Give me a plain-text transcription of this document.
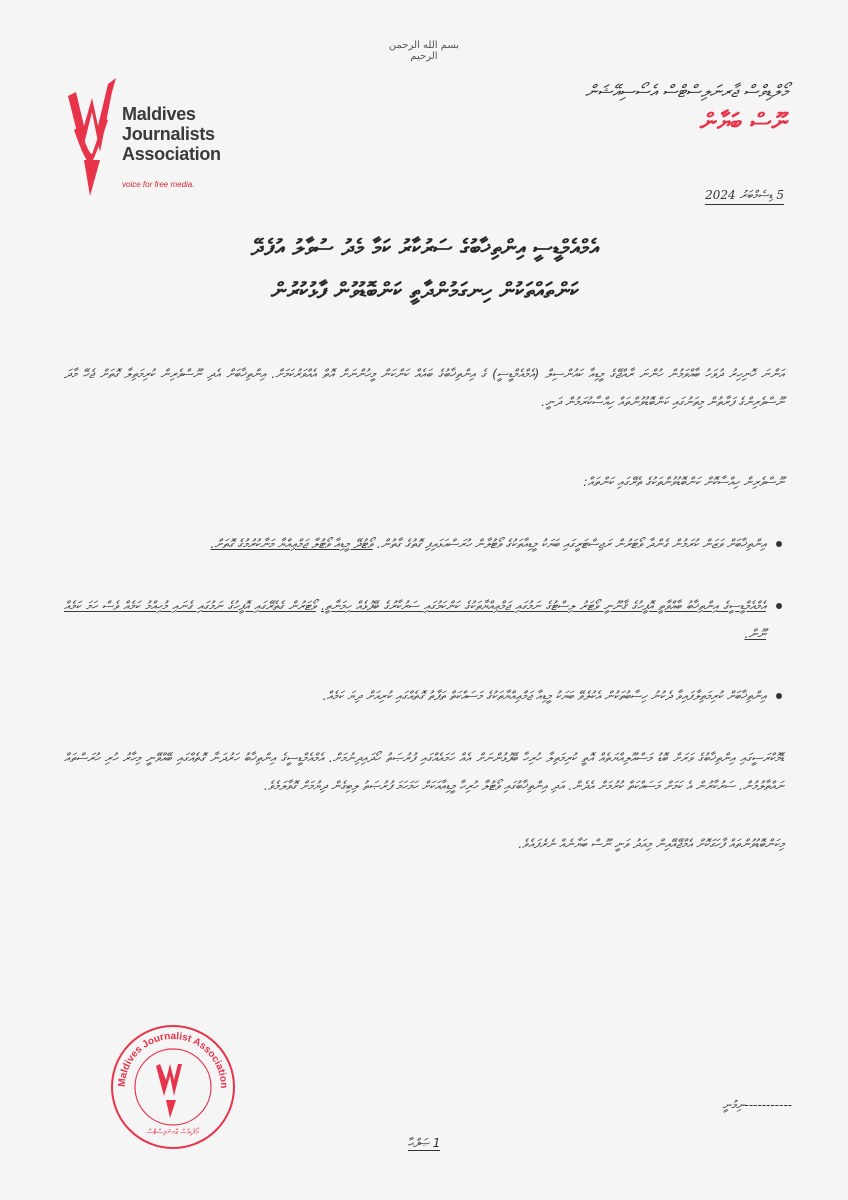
بسم الله الرحمن الرحيم
Maldives
Journalists
Association
voice for free media.
މޯލްޑިވްސް ޖާރނަލިސްޓްސް އެސޯސިއޭޝަން
ނޫސް ބަޔާން
5 ޑިސެމްބަރު 2024
އެމްއެމްޑީސީ އިންތިޚާބުގެ ސަރުކާރު ކަމާ މެދު ސުވާލު އުފެދޭ
ކަންތައްތަކުން ހިނގަމުންދާތީ ކަންބޮޑުވުން ފާޅުކުރުން

އަންނަ ހޮނިހިރު ދުވަހު ބާއްވަމުން ހުންނަ ރާއްޖޭގެ މީޑިއާ ކައުންސިލް (އެމްއެމްޑީސީ) ގެ އިންތިޚާބުގެ ބައެއް ކަންކަން މީހުންނަށް އޮތް އެއްވަރުކަމަށް. އިންތިޚާބަށް އެދި ނޫސްވެރިން ކުރިމަތިލާ ގޮތަށް ޖެހޭ މާދަ ނޫސްވެރިންގެ ފަރާތުން މިތަނުގައި ކަންބޮޑުވުންތައް ހިއްސާކުރަމުން ދަނީ.

ނޫސްވެރިން ހިއްސާކޮށް ކަންބޮޑުވުންތަކުގެ ތެރޭގައި ކަންތައް:

އިންތިޚާބަށް ވަޒަން ކުރަމުން ގެންދާ ވޯޓަރުން ރަޖިސްޓަރީގައި ބަޔަކު މީޑިއާތަކުގެ ވޯޓުލާން ހުރަސްއަޅައިފި ގޮތުގެ ގާތުން. ވޯޓުދޭ މީޑިއާ ވޯޓުލާ ޖަމްޢިއްޔާ މަނާކުރުމުގެ ގޮތަށް.
އެމްއެމްޑީސީގެ އިންތިޚާބު ބާއްވާތީ އޮފީހުގެ ޤާނޫނީ ވޯޓަރު ލިސްޓުގެ ނަމުގައި ޖަމްޢިއްޔާތަކުގެ ކަންކަމުގައި ސަރުކާރުގެ ބޭފުޅެއް ހިމަނާތީ. ވޯޓަރުން ގެތެރޭގައި އޮފީހުގެ ނަމުގައި ގެނައި މުހިއްމު ކަމެއް ވެސް ހަމަ ކަމެއް ނޫން.
އިންތިޚާބަށް ކުރިމަތިލާފައިވާ ދެކުނު ހިސާބުތަކުން އެކުލެވޭ ބަޔަކު މީޑިއާ ޖަމްޢިއްޔާތަކުގެ މަސައްކަތް ތަފާތު ގޮތެއްގައި ކުރިއަށް ދިޔަ ކަމެއް.

ޑެމޮކްރަސީގައި އިންތިޚާބުގެ ވަރަށް ބޮޑު މަސްއޫލިއްޔަތެއް އޮތީ ކުރިމަތިލާ ހުރިހާ ބޭފުޅުންނަށް އެއް ހަމައެއްގައި ފުރުޞަތު ހޯދައިދިނުމަށް. އެމްއެމްޑީސީގެ އިންތިޚާބު ހަރުދަނާ ގޮތެއްގައި ބޭއްވޭނީ މިހާރު ހުރި ހުރަސްތައް ނައްތާލުމުން. ސަރުކާރުން އެ ކަމަށް މަސައްކަތް ކުރުމަށް އެދެން. އަދި އިންތިޚާބުގައި ވޯޓުލާ ހުރިހާ މީޑިއާއަކަށް ހަމަހަމަ ފުރުޞަތު ލިބިގެން ދިޔުމަށް ގޮވާލަމެވެ.

މިކަންބޮޑުވުންތައް ފާހަގަކޮށް އެމްޖޭއޭއިން މިއަދު ވަނީ ނޫސް ބަޔާނެއް ނެރެފައެވެ.

Maldives Journalist Association
މޯލްޑިވްސް ޖާރނަލިސްޓްސް
-----------ނިމުނީ
1 ޞަފްޙާ
